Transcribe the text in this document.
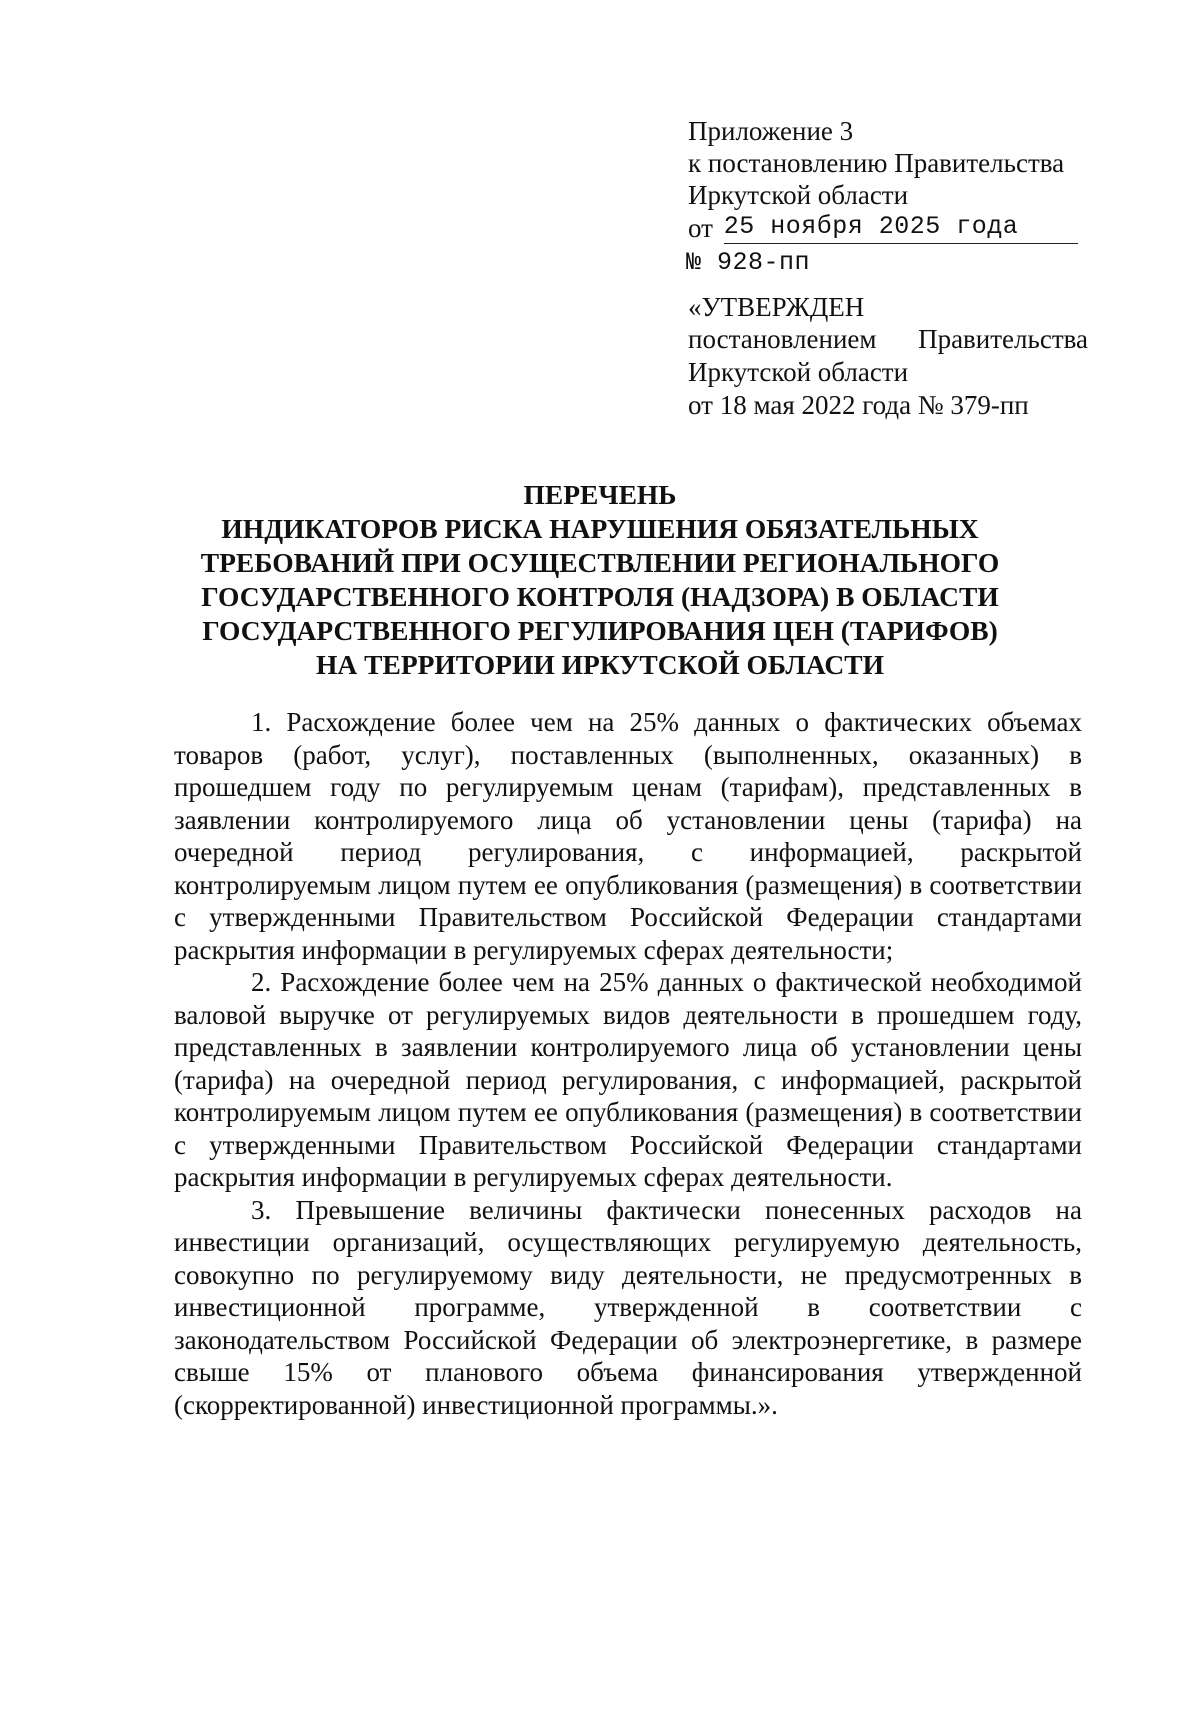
Приложение 3
к постановлению Правительства
Иркутской области
от 25 ноября 2025 года
№ 928-пп
«УТВЕРЖДЕН
постановлением Правительства
Иркутской области
от 18 мая 2022 года № 379-пп
ПЕРЕЧЕНЬ
ИНДИКАТОРОВ РИСКА НАРУШЕНИЯ ОБЯЗАТЕЛЬНЫХ
ТРЕБОВАНИЙ ПРИ ОСУЩЕСТВЛЕНИИ РЕГИОНАЛЬНОГО
ГОСУДАРСТВЕННОГО КОНТРОЛЯ (НАДЗОРА) В ОБЛАСТИ
ГОСУДАРСТВЕННОГО РЕГУЛИРОВАНИЯ ЦЕН (ТАРИФОВ)
НА ТЕРРИТОРИИ ИРКУТСКОЙ ОБЛАСТИ

1. Расхождение более чем на 25% данных о фактических объемах товаров (работ, услуг), поставленных (выполненных, оказанных) в прошедшем году по регулируемым ценам (тарифам), представленных в заявлении контролируемого лица об установлении цены (тарифа) на очередной период регулирования, с информацией, раскрытой контролируемым лицом путем ее опубликования (размещения) в соответствии с утвержденными Правительством Российской Федерации стандартами раскрытия информации в регулируемых сферах деятельности;

2. Расхождение более чем на 25% данных о фактической необходимой валовой выручке от регулируемых видов деятельности в прошедшем году, представленных в заявлении контролируемого лица об установлении цены (тарифа) на очередной период регулирования, с информацией, раскрытой контролируемым лицом путем ее опубликования (размещения) в соответствии с утвержденными Правительством Российской Федерации стандартами раскрытия информации в регулируемых сферах деятельности.

3. Превышение величины фактически понесенных расходов на инвестиции организаций, осуществляющих регулируемую деятельность, совокупно по регулируемому виду деятельности, не предусмотренных в инвестиционной программе, утвержденной в соответствии с законодательством Российской Федерации об электроэнергетике, в размере свыше 15% от планового объема финансирования утвержденной (скорректированной) инвестиционной программы.».
